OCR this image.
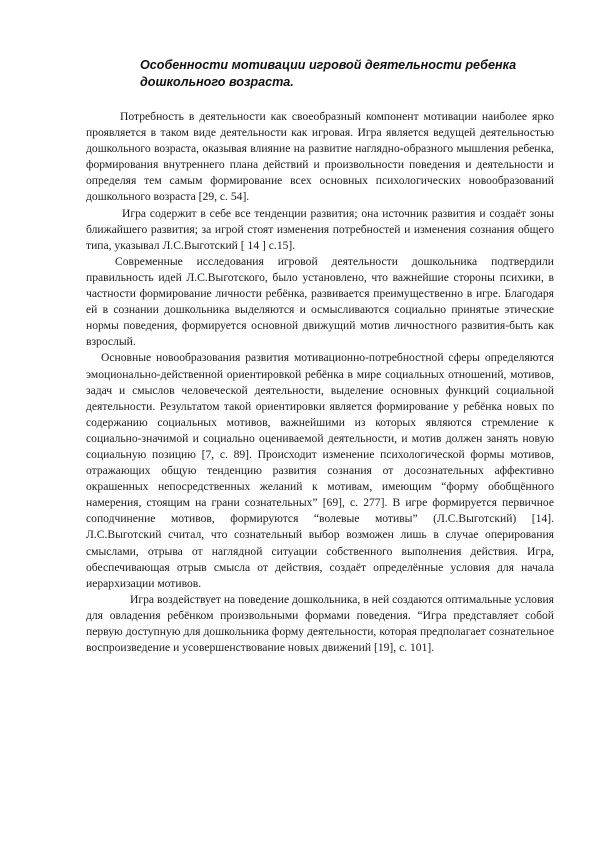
Особенности мотивации игровой деятельности ребенка дошкольного возраста.

Потребность в деятельности как своеобразный компонент мотивации наиболее ярко проявляется в таком виде деятельности как игровая. Игра является ведущей деятельностью дошкольного возраста, оказывая влияние на развитие наглядно-образного мышления ребенка, формирования внутреннего плана действий и произвольности поведения и деятельности и определяя тем самым формирование всех основных психологических новообразований дошкольного возраста [29, с. 54].

Игра содержит в себе все тенденции развития; она источник развития и создаёт зоны ближайшего развития; за игрой стоят изменения потребностей и изменения сознания общего типа, указывал Л.С.Выготский [ 14 ] с.15].

Современные исследования игровой деятельности дошкольника подтвердили правильность идей Л.С.Выготского, было установлено, что важнейшие стороны психики, в частности формирование личности ребёнка, развивается преимущественно в игре. Благодаря ей в сознании дошкольника выделяются и осмысливаются социально принятые этические нормы поведения, формируется основной движущий мотив личностного развития-быть как взрослый.

Основные новообразования развития мотивационно-потребностной сферы определяются эмоционально-действенной ориентировкой ребёнка в мире социальных отношений, мотивов, задач и смыслов человеческой деятельности, выделение основных функций социальной деятельности. Результатом такой ориентировки является формирование у ребёнка новых по содержанию социальных мотивов, важнейшими из которых являются стремление к социально-значимой и социально оцениваемой деятельности, и мотив должен занять новую социальную позицию [7, с. 89]. Происходит изменение психологической формы мотивов, отражающих общую тенденцию развития сознания от досознательных аффективно окрашенных непосредственных желаний к мотивам, имеющим “форму обобщённого намерения, стоящим на грани сознательных” [69], с. 277]. В игре формируется первичное соподчинение мотивов, формируются “волевые мотивы” (Л.С.Выготский) [14]. Л.С.Выготский считал, что сознательный выбор возможен лишь в случае оперирования смыслами, отрыва от наглядной ситуации собственного выполнения действия. Игра, обеспечивающая отрыв смысла от действия, создаёт определённые условия для начала иерархизации мотивов.

Игра воздействует на поведение дошкольника, в ней создаются оптимальные условия для овладения ребёнком произвольными формами поведения. “Игра представляет собой первую доступную для дошкольника форму деятельности, которая предполагает сознательное воспроизведение и усовершенствование новых движений [19], с. 101].
